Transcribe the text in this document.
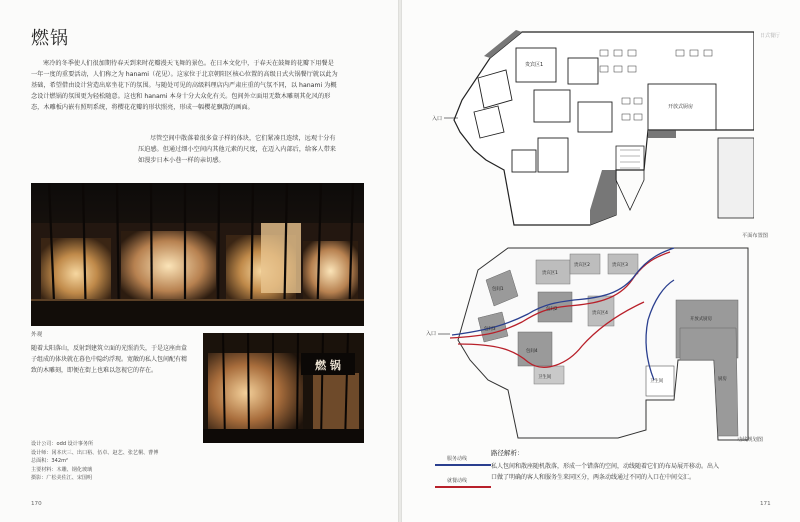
燃锅

寒冷的冬季使人们很加期待春天到来时花瓣漫天飞舞的景色。在日本文化中，于春天在鼓舞的花瓣下用餐是一年一度的重要活动，人们称之为 hanami（花见）。这家位于北京朝阳区核心位置的高级日式火锅餐厅就以此为基础，希望借由设计营造出席坐花下的氛围。与随处可见的高级料理店内严肃庄重的气氛不同，以 hanami 为概念设计燃锅的氛围更为轻松随意。这也和 hanami 本身十分大众化有关。包间外立面用无数木雕刻其化风的形态，木雕板内嵌有照明系统，将樱花花瓣的形状照亮，形成一幅樱花飘散的画面。

尽管空间中散落着很多盒子样的体块，它们紧凑且连续，远观十分有压迫感。但通过细小空间内其他元素的尺度，在迈入内部后，给客人带来如漫步日本小巷一样的亲切感。

外观

随着太阳落山，反射到建筑立面的光照消失，于是这座由盒子组成的体块就在暮色中隐约浮现。宽敞的私人包间配有精致的木雕刻，即便在街上也难以忽视它的存在。	燃 锅
设计公司：odd 设计事务所
设计师：冈本庆三、出口裕、伍卓、赵艺、张艺桐、曹博
总面积：342m²
主要材料：木雕、钢化玻璃
摄影：广松美佐江、宋国明
170
日式餐厅
贵宾区1
开放式厨房
入口
平面布置图
入口
贵宾区1
贵宾区2	贵宾区3
贵宾区4
包间1
包间2
包间3
包间4
开放式厨房
厨房
卫生间
卫生间
动线规划图
服务动线
就餐动线
路径解析：

私人包间和散座随机散落，形成一个错落的空间，动线随着它们的布局展开移动。出入口做了明确的客人和服务生来同区分，两条动线通过不同的入口在中间交汇。

171
